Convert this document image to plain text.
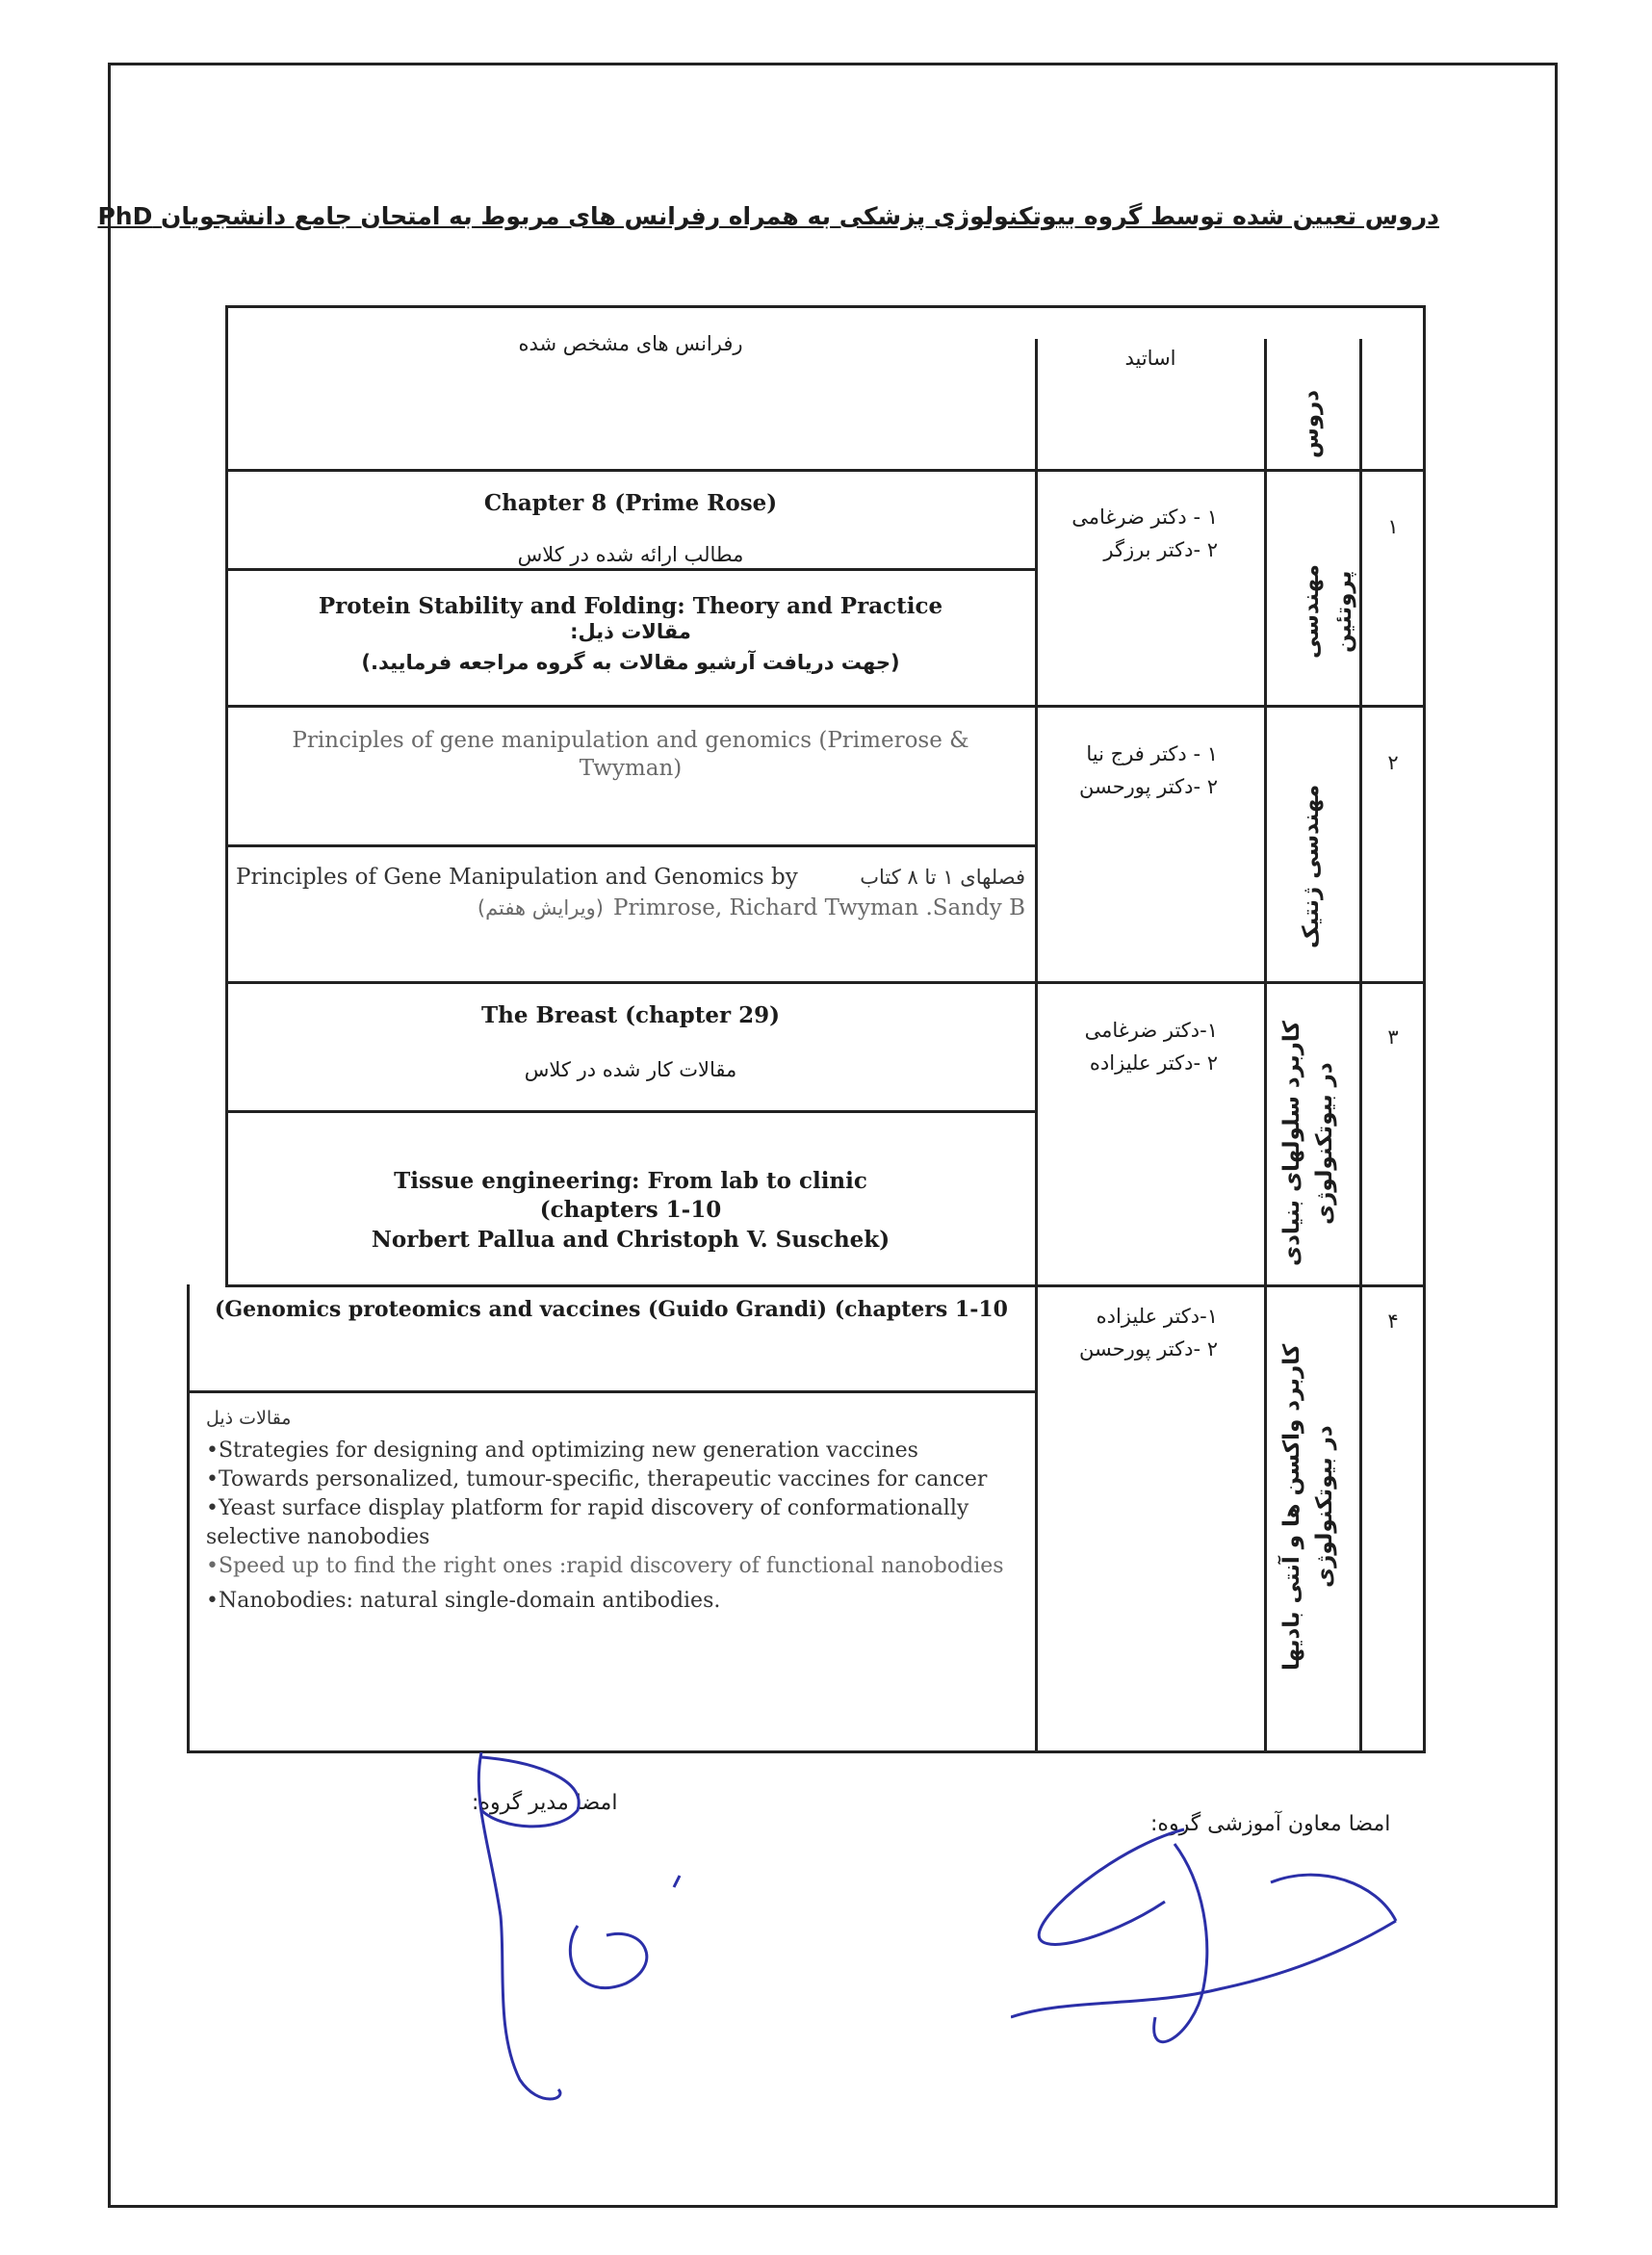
دروس تعیین شده توسط گروه بیوتکنولوژی پزشکی به همراه رفرانس های مربوط به امتحان جامع دانشجویان PhD
رفرانس های مشخص شده
اساتید
دروس
۱
مهندسی پروتئین
۱ - دکتر ضرغامی
۲ -دکتر برزگر
Chapter 8 (Prime Rose)
مطالب ارائه شده در کلاس
Protein Stability and Folding: Theory and Practice
مقالات ذیل:
(جهت دریافت آرشیو مقالات به گروه مراجعه فرمایید.)
۲
مهندسی ژنتیک
۱ - دکتر فرج نیا
۲ -دکتر پورحسن
Principles of gene manipulation and genomics (Primerose & Twyman)
Principles of Gene Manipulation and Genomics by	فصلهای ۱ تا ۸ کتاب
(ویرایش هفتم) Primrose, Richard Twyman .Sandy B
۳
کاربرد سلولهای بنیادی در بیوتکنولوژی
۱-دکتر ضرغامی
۲ -دکتر علیزاده
The Breast (chapter 29)
مقالات کار شده در کلاس
Tissue engineering: From lab to clinic
(chapters 1-10
Norbert Pallua and Christoph V. Suschek)
۴
کاربرد واکسن ها و آنتی بادیها در بیوتکنولوژی
۱-دکتر علیزاده
۲ -دکتر پورحسن
(Genomics proteomics and vaccines (Guido Grandi) (chapters 1-10
مقالات ذیل
•Strategies for designing and optimizing new generation vaccines
•Towards personalized, tumour-specific, therapeutic vaccines for cancer
•Yeast surface display platform for rapid discovery of conformationally selective nanobodies
•Speed up to find the right ones :rapid discovery of functional nanobodies
•Nanobodies: natural single-domain antibodies.
امضا مدیر گروه:
امضا معاون آموزشی گروه:
